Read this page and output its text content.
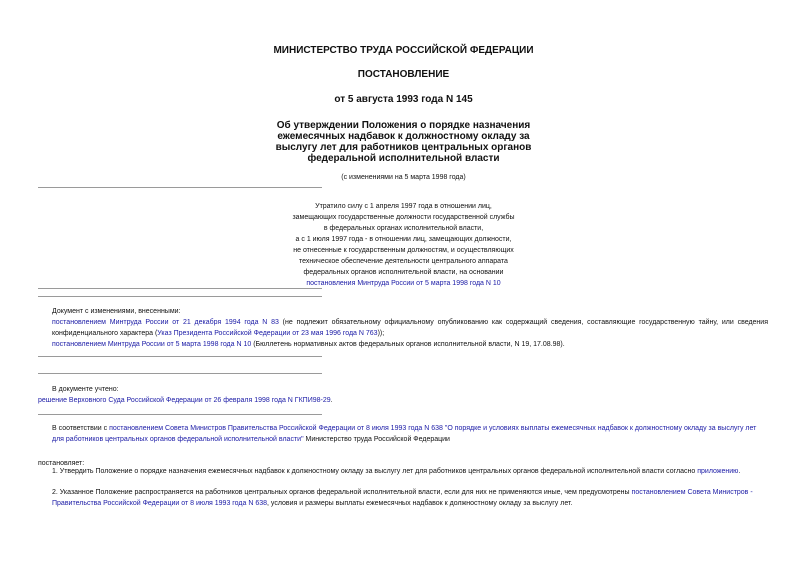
МИНИСТЕРСТВО ТРУДА РОССИЙСКОЙ ФЕДЕРАЦИИ
ПОСТАНОВЛЕНИЕ
от 5 августа 1993 года N 145
Об утверждении Положения о порядке назначения
ежемесячных надбавок к должностному окладу за
выслугу лет для работников центральных органов
федеральной исполнительной власти
(с изменениями на 5 марта 1998 года)
Утратило силу с 1 апреля 1997 года в отношении лиц,
замещающих государственные должности государственной службы
в федеральных органах исполнительной власти,
а с 1 июля 1997 года - в отношении лиц, замещающих должности,
не отнесенные к государственным должностям, и осуществляющих
техническое обеспечение деятельности центрального аппарата
федеральных органов исполнительной власти, на основании
постановления Минтруда России от 5 марта 1998 года N 10

Документ с изменениями, внесенными:

постановлением Минтруда России от 21 декабря 1994 года N 83 (не подлежит обязательному официальному опубликованию как содержащий сведения, составляющие государственную тайну, или сведения конфиденциального характера (Указ Президента Российской Федерации от 23 мая 1996 года N 763));

постановлением Минтруда России от 5 марта 1998 года N 10 (Бюллетень нормативных актов федеральных органов исполнительной власти, N 19, 17.08.98).

В документе учтено:

решение Верховного Суда Российской Федерации от 26 февраля 1998 года N ГКПИ98-29.

В соответствии с постановлением Совета Министров Правительства Российской Федерации от 8 июля 1993 года N 638 "О порядке и условиях выплаты ежемесячных надбавок к должностному окладу за выслугу лет для работников центральных органов федеральной исполнительной власти" Министерство труда Российской Федерации

постановляет:

1. Утвердить Положение о порядке назначения ежемесячных надбавок к должностному окладу за выслугу лет для работников центральных органов федеральной исполнительной власти согласно приложению.

2. Указанное Положение распространяется на работников центральных органов федеральной исполнительной власти, если для них не применяются иные, чем предусмотрены постановлением Совета Министров - Правительства Российской Федерации от 8 июля 1993 года N 638, условия и размеры выплаты ежемесячных надбавок к должностному окладу за выслугу лет.
